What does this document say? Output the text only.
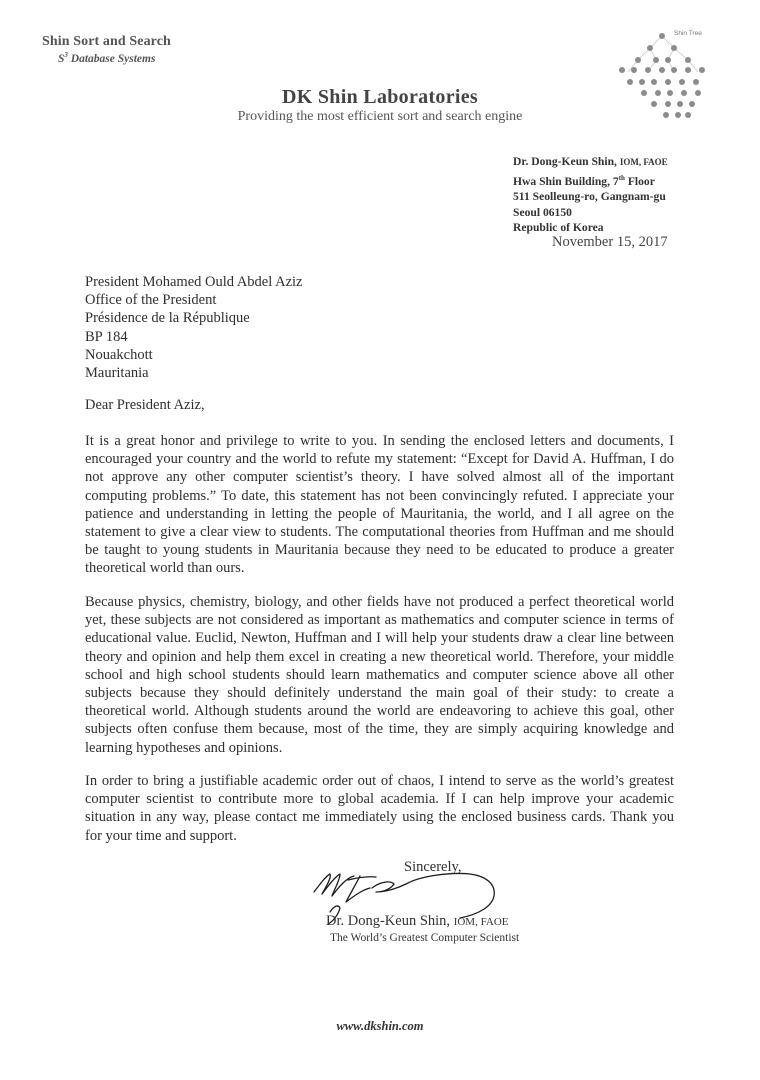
Shin Sort and Search
$S^3$ Database Systems
Shin Tree
DK Shin Laboratories
Providing the most efficient sort and search engine
Dr. Dong-Keun Shin, IOM, FAOE
Hwa Shin Building, 7th Floor
511 Seolleung-ro, Gangnam-gu
Seoul 06150
Republic of Korea
November 15, 2017
President Mohamed Ould Abdel Aziz
Office of the President
Présidence de la République
BP 184
Nouakchott
Mauritania
Dear President Aziz,
It is a great honor and privilege to write to you. In sending the enclosed letters and documents, I encouraged your country and the world to refute my statement: “Except for David A. Huffman, I do not approve any other computer scientist’s theory. I have solved almost all of the important computing problems.” To date, this statement has not been convincingly refuted. I appreciate your patience and understanding in letting the people of Mauritania, the world, and I all agree on the statement to give a clear view to students. The computational theories from Huffman and me should be taught to young students in Mauritania because they need to be educated to produce a greater theoretical world than ours.
Because physics, chemistry, biology, and other fields have not produced a perfect theoretical world yet, these subjects are not considered as important as mathematics and computer science in terms of educational value. Euclid, Newton, Huffman and I will help your students draw a clear line between theory and opinion and help them excel in creating a new theoretical world. Therefore, your middle school and high school students should learn mathematics and computer science above all other subjects because they should definitely understand the main goal of their study: to create a theoretical world. Although students around the world are endeavoring to achieve this goal, other subjects often confuse them because, most of the time, they are simply acquiring knowledge and learning hypotheses and opinions.
In order to bring a justifiable academic order out of chaos, I intend to serve as the world’s greatest computer scientist to contribute more to global academia. If I can help improve your academic situation in any way, please contact me immediately using the enclosed business cards. Thank you for your time and support.
Sincerely,
Dr. Dong-Keun Shin, IOM, FAOE
The World’s Greatest Computer Scientist
www.dkshin.com
